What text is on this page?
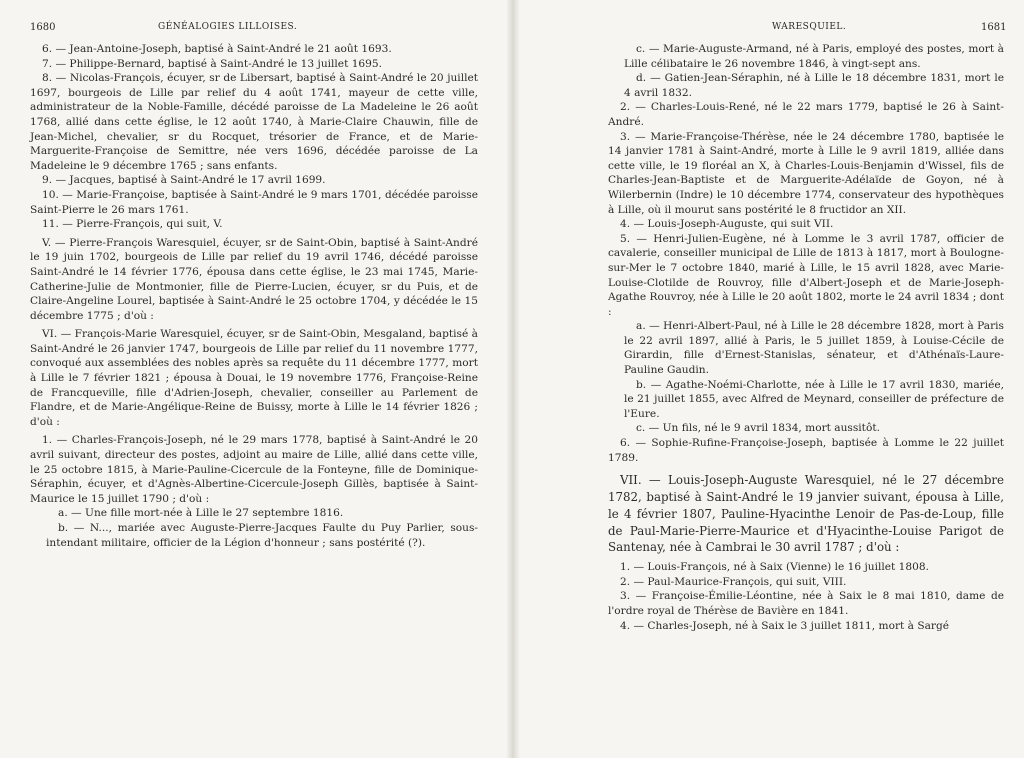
1680	GÉNÉALOGIES LILLOISES.

6. — Jean-Antoine-Joseph, baptisé à Saint-André le 21 août 1693.

7. — Philippe-Bernard, baptisé à Saint-André le 13 juillet 1695.

8. — Nicolas-François, écuyer, sr de Libersart, baptisé à Saint-André le 20 juillet 1697, bourgeois de Lille par relief du 4 août 1741, mayeur de cette ville, administrateur de la Noble-Famille, décédé paroisse de La Madeleine le 26 août 1768, allié dans cette église, le 12 août 1740, à Marie-Claire Chauwin, fille de Jean-Michel, chevalier, sr du Rocquet, trésorier de France, et de Marie-Marguerite-Françoise de Semittre, née vers 1696, décédée paroisse de La Madeleine le 9 décembre 1765 ; sans enfants.

9. — Jacques, baptisé à Saint-André le 17 avril 1699.

10. — Marie-Françoise, baptisée à Saint-André le 9 mars 1701, décédée paroisse Saint-Pierre le 26 mars 1761.

11. — Pierre-François, qui suit, V.

V. — Pierre-François Waresquiel, écuyer, sr de Saint-Obin, baptisé à Saint-André le 19 juin 1702, bourgeois de Lille par relief du 19 avril 1746, décédé paroisse Saint-André le 14 février 1776, épousa dans cette église, le 23 mai 1745, Marie-Catherine-Julie de Montmonier, fille de Pierre-Lucien, écuyer, sr du Puis, et de Claire-Angeline Lourel, baptisée à Saint-André le 25 octobre 1704, y décédée le 15 décembre 1775 ; d'où :

VI. — François-Marie Waresquiel, écuyer, sr de Saint-Obin, Mesgaland, baptisé à Saint-André le 26 janvier 1747, bourgeois de Lille par relief du 11 novembre 1777, convoqué aux assemblées des nobles après sa requête du 11 décembre 1777, mort à Lille le 7 février 1821 ; épousa à Douai, le 19 novembre 1776, Françoise-Reine de Francqueville, fille d'Adrien-Joseph, chevalier, conseiller au Parlement de Flandre, et de Marie-Angélique-Reine de Buissy, morte à Lille le 14 février 1826 ; d'où :

1. — Charles-François-Joseph, né le 29 mars 1778, baptisé à Saint-André le 20 avril suivant, directeur des postes, adjoint au maire de Lille, allié dans cette ville, le 25 octobre 1815, à Marie-Pauline-Cicercule de la Fonteyne, fille de Dominique-Séraphin, écuyer, et d'Agnès-Albertine-Cicercule-Joseph Gillès, baptisée à Saint-Maurice le 15 juillet 1790 ; d'où :

a. — Une fille mort-née à Lille le 27 septembre 1816.

b. — N..., mariée avec Auguste-Pierre-Jacques Faulte du Puy Parlier, sous-intendant militaire, officier de la Légion d'honneur ; sans postérité (?).

WARESQUIEL.	1681

c. — Marie-Auguste-Armand, né à Paris, employé des postes, mort à Lille célibataire le 26 novembre 1846, à vingt-sept ans.

d. — Gatien-Jean-Séraphin, né à Lille le 18 décembre 1831, mort le 4 avril 1832.

2. — Charles-Louis-René, né le 22 mars 1779, baptisé le 26 à Saint-André.

3. — Marie-Françoise-Thérèse, née le 24 décembre 1780, baptisée le 14 janvier 1781 à Saint-André, morte à Lille le 9 avril 1819, alliée dans cette ville, le 19 floréal an X, à Charles-Louis-Benjamin d'Wissel, fils de Charles-Jean-Baptiste et de Marguerite-Adélaïde de Goyon, né à Wilerbernin (Indre) le 10 décembre 1774, conservateur des hypothèques à Lille, où il mourut sans postérité le 8 fructidor an XII.

4. — Louis-Joseph-Auguste, qui suit VII.

5. — Henri-Julien-Eugène, né à Lomme le 3 avril 1787, officier de cavalerie, conseiller municipal de Lille de 1813 à 1817, mort à Boulogne-sur-Mer le 7 octobre 1840, marié à Lille, le 15 avril 1828, avec Marie-Louise-Clotilde de Rouvroy, fille d'Albert-Joseph et de Marie-Joseph-Agathe Rouvroy, née à Lille le 20 août 1802, morte le 24 avril 1834 ; dont :

a. — Henri-Albert-Paul, né à Lille le 28 décembre 1828, mort à Paris le 22 avril 1897, allié à Paris, le 5 juillet 1859, à Louise-Cécile de Girardin, fille d'Ernest-Stanislas, sénateur, et d'Athénaïs-Laure-Pauline Gaudin.

b. — Agathe-Noémi-Charlotte, née à Lille le 17 avril 1830, mariée, le 21 juillet 1855, avec Alfred de Meynard, conseiller de préfecture de l'Eure.

c. — Un fils, né le 9 avril 1834, mort aussitôt.

6. — Sophie-Rufine-Françoise-Joseph, baptisée à Lomme le 22 juillet 1789.

VII. — Louis-Joseph-Auguste Waresquiel, né le 27 décembre 1782, baptisé à Saint-André le 19 janvier suivant, épousa à Lille, le 4 février 1807, Pauline-Hyacinthe Lenoir de Pas-de-Loup, fille de Paul-Marie-Pierre-Maurice et d'Hyacinthe-Louise Parigot de Santenay, née à Cambrai le 30 avril 1787 ; d'où :

1. — Louis-François, né à Saix (Vienne) le 16 juillet 1808.

2. — Paul-Maurice-François, qui suit, VIII.

3. — Françoise-Émilie-Léontine, née à Saix le 8 mai 1810, dame de l'ordre royal de Thérèse de Bavière en 1841.

4. — Charles-Joseph, né à Saix le 3 juillet 1811, mort à Sargé
